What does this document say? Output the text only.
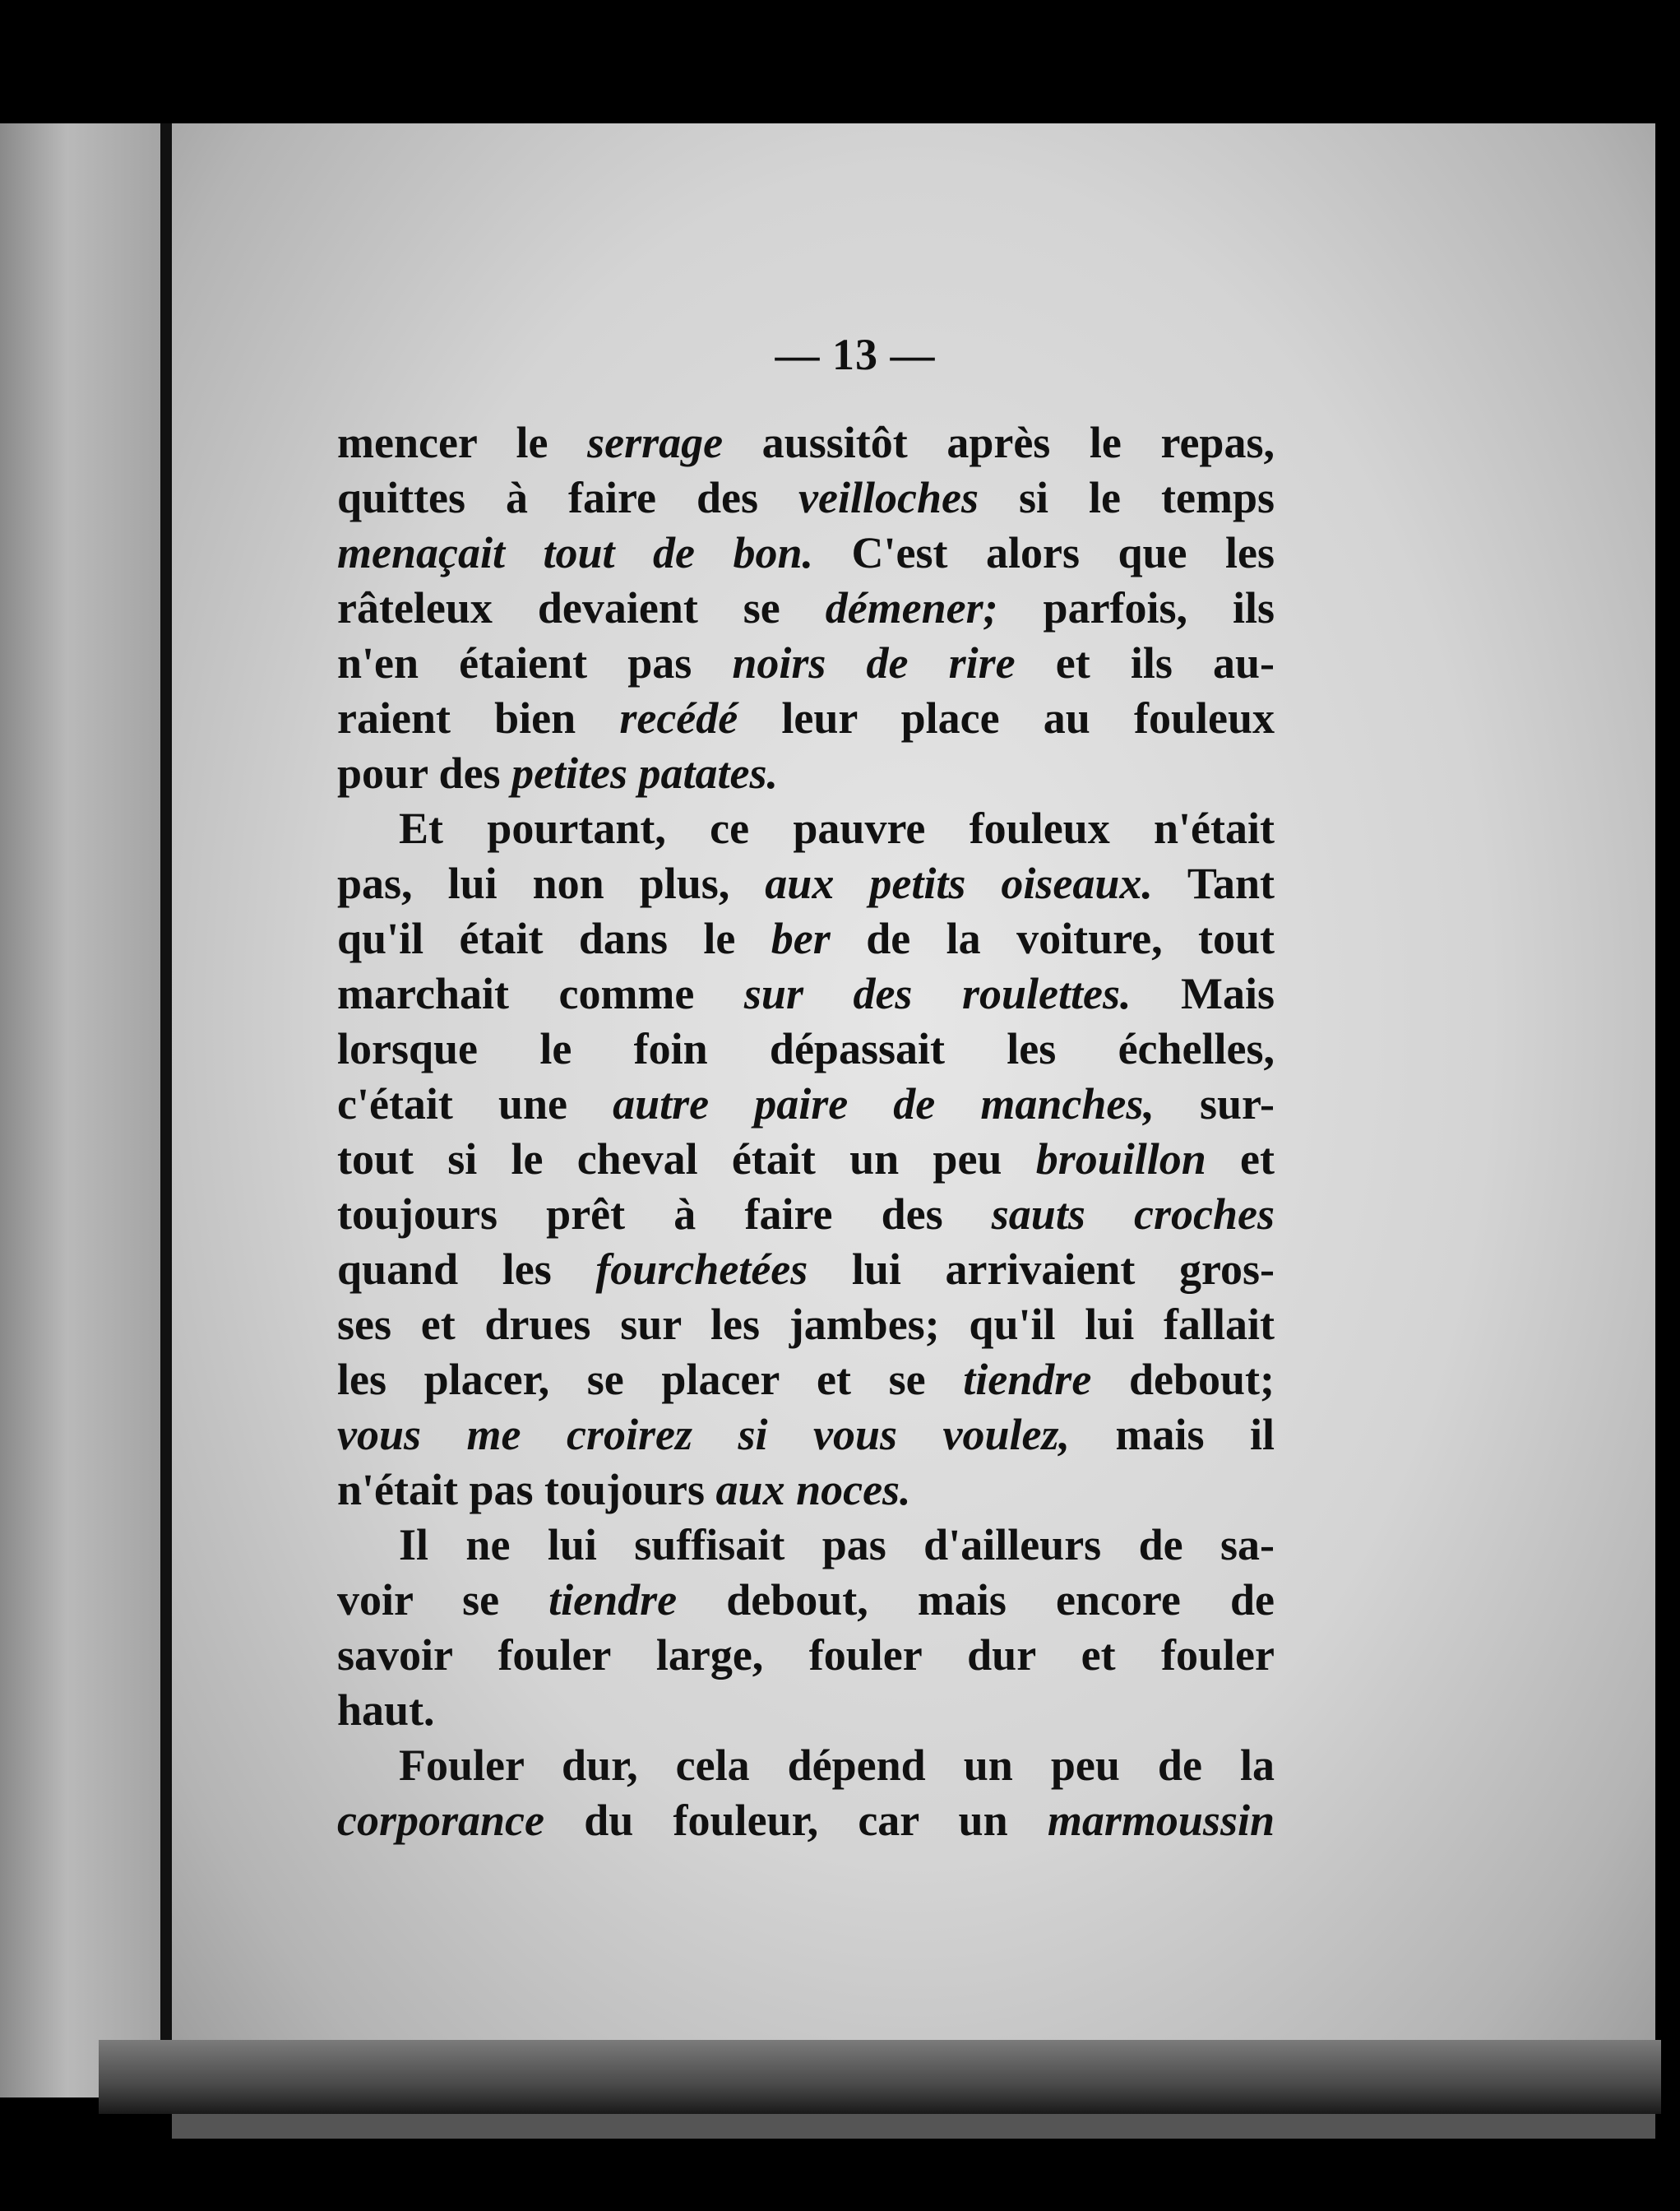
— 13 —
mencer le serrage aussitôt après le repas,
quittes à faire des veilloches si le temps
menaçait tout de bon. C'est alors que les
râteleux devaient se démener; parfois, ils
n'en étaient pas noirs de rire et ils au-
raient bien recédé leur place au fouleux
pour des petites patates.
Et pourtant, ce pauvre fouleux n'était
pas, lui non plus, aux petits oiseaux. Tant
qu'il était dans le ber de la voiture, tout
marchait comme sur des roulettes. Mais
lorsque le foin dépassait les échelles,
c'était une autre paire de manches, sur-
tout si le cheval était un peu brouillon et
toujours prêt à faire des sauts croches
quand les fourchetées lui arrivaient gros-
ses et drues sur les jambes; qu'il lui fallait
les placer, se placer et se tiendre debout;
vous me croirez si vous voulez, mais il
n'était pas toujours aux noces.
Il ne lui suffisait pas d'ailleurs de sa-
voir se tiendre debout, mais encore de
savoir fouler large, fouler dur et fouler
haut.
Fouler dur, cela dépend un peu de la
corporance du fouleur, car un marmoussin
